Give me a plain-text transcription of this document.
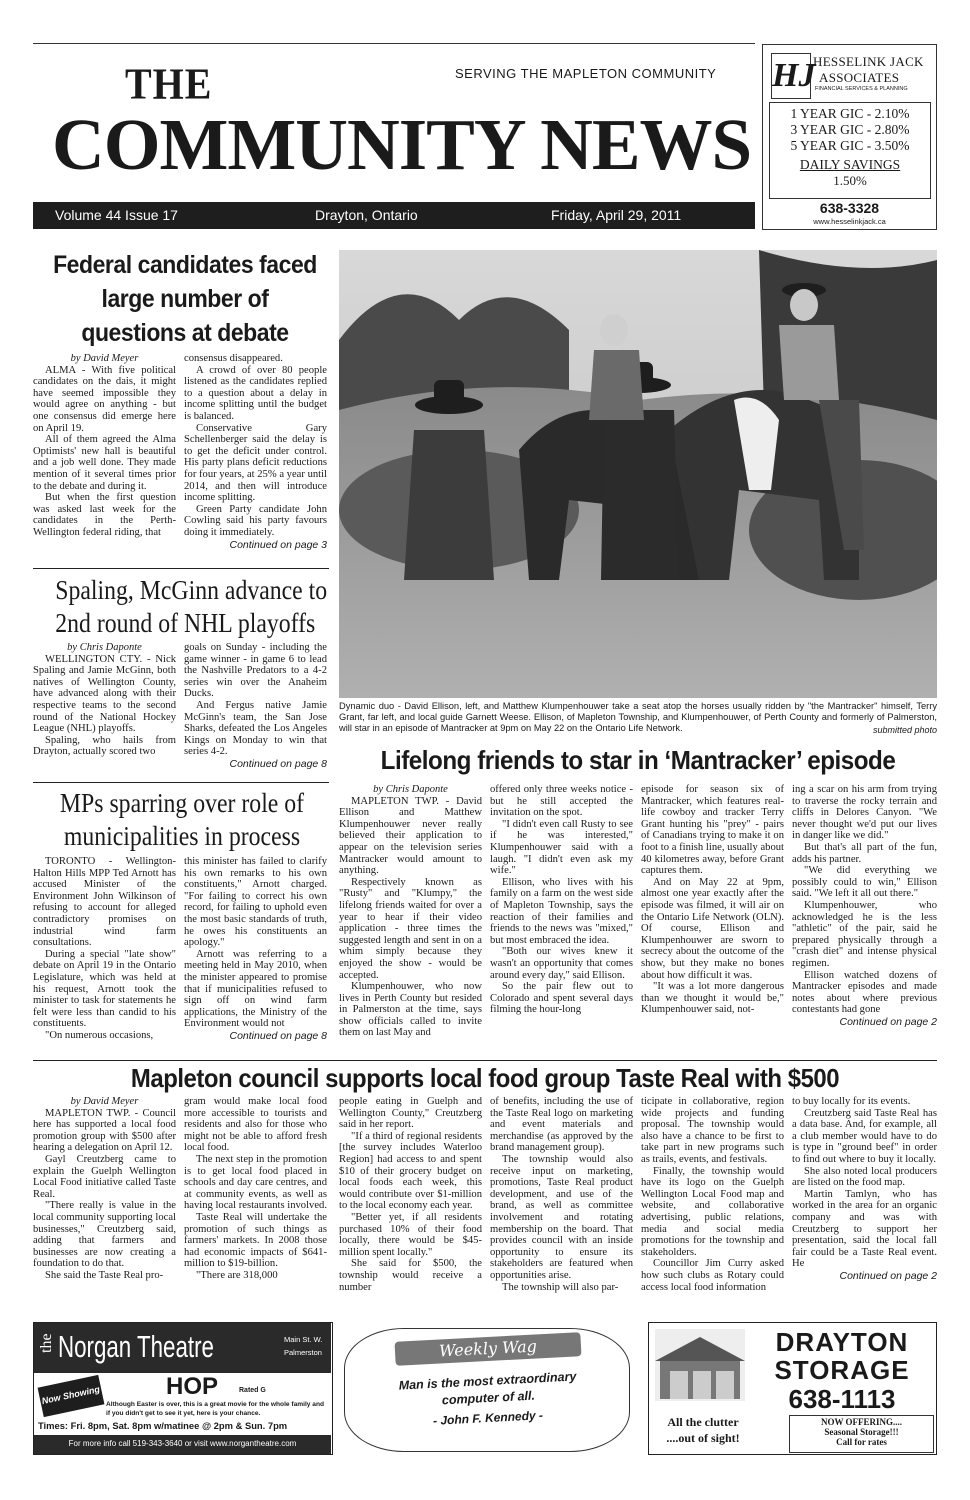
THE	SERVING THE MAPLETON COMMUNITY
COMMUNITY NEWS
Volume 44 Issue 17	Drayton, Ontario	Friday, April 29, 2011
HJ
HESSELINK JACK
ASSOCIATES
FINANCIAL SERVICES & PLANNING
1 YEAR GIC - 2.10%
3 YEAR GIC - 2.80%
5 YEAR GIC - 3.50%
DAILY SAVINGS
1.50%
638-3328
www.hesselinkjack.ca
Federal candidates faced large number of questions at debate

by David Meyer

ALMA - With five political candidates on the dais, it might have seemed impossible they would agree on anything - but one consensus did emerge here on April 19.

All of them agreed the Alma Optimists' new hall is beautiful and a job well done. They made mention of it several times prior to the debate and during it.

But when the first question was asked last week for the candidates in the Perth-Wellington federal riding, that

consensus disappeared.

A crowd of over 80 people listened as the candidates replied to a question about a delay in income splitting until the budget is balanced.

Conservative Gary Schellenberger said the delay is to get the deficit under control. His party plans deficit reductions for four years, at 25% a year until 2014, and then will introduce income splitting.

Green Party candidate John Cowling said his party favours doing it immediately.

Continued on page 3

Spaling, McGinn advance to
2nd round of NHL playoffs

by Chris Daponte

WELLINGTON CTY. - Nick Spaling and Jamie McGinn, both natives of Wellington County, have advanced along with their respective teams to the second round of the National Hockey League (NHL) playoffs.

Spaling, who hails from Drayton, actually scored two

goals on Sunday - including the game winner - in game 6 to lead the Nashville Predators to a 4-2 series win over the Anaheim Ducks.

And Fergus native Jamie McGinn's team, the San Jose Sharks, defeated the Los Angeles Kings on Monday to win that series 4-2.

Continued on page 8

MPs sparring over role of
municipalities in process

TORONTO - Wellington-Halton Hills MPP Ted Arnott has accused Minister of the Environment John Wilkinson of refusing to account for alleged contradictory promises on industrial wind farm consultations.

During a special "late show" debate on April 19 in the Ontario Legislature, which was held at his request, Arnott took the minister to task for statements he felt were less than candid to his constituents.

"On numerous occasions,

this minister has failed to clarify his own remarks to his own constituents," Arnott charged. "For failing to correct his own record, for failing to uphold even the most basic standards of truth, he owes his constituents an apology."

Arnott was referring to a meeting held in May 2010, when the minister appeared to promise that if municipalities refused to sign off on wind farm applications, the Ministry of the Environment would not

Continued on page 8

Dynamic duo - David Ellison, left, and Matthew Klumpenhouwer take a seat atop the horses usually ridden by "the Mantracker" himself, Terry Grant, far left, and local guide Garnett Weese. Ellison, of Mapleton Township, and Klumpenhouwer, of Perth County and formerly of Palmerston, will star in an episode of Mantracker at 9pm on May 22 on the Ontario Life Network.	submitted photo
Lifelong friends to star in ‘Mantracker’ episode

by Chris Daponte

MAPLETON TWP. - David Ellison and Matthew Klumpenhouwer never really believed their application to appear on the television series Mantracker would amount to anything.

Respectively known as "Rusty" and "Klumpy," the lifelong friends waited for over a year to hear if their video application - three times the suggested length and sent in on a whim simply because they enjoyed the show - would be accepted.

Klumpenhouwer, who now lives in Perth County but resided in Palmerston at the time, says show officials called to invite them on last May and

offered only three weeks notice - but he still accepted the invitation on the spot.

"I didn't even call Rusty to see if he was interested," Klumpenhouwer said with a laugh. "I didn't even ask my wife."

Ellison, who lives with his family on a farm on the west side of Mapleton Township, says the reaction of their families and friends to the news was "mixed," but most embraced the idea.

"Both our wives knew it wasn't an opportunity that comes around every day," said Ellison.

So the pair flew out to Colorado and spent several days filming the hour-long

episode for season six of Mantracker, which features real-life cowboy and tracker Terry Grant hunting his "prey" - pairs of Canadians trying to make it on foot to a finish line, usually about 40 kilometres away, before Grant captures them.

And on May 22 at 9pm, almost one year exactly after the episode was filmed, it will air on the Ontario Life Network (OLN). Of course, Ellison and Klumpenhouwer are sworn to secrecy about the outcome of the show, but they make no bones about how difficult it was.

"It was a lot more dangerous than we thought it would be," Klumpenhouwer said, not-

ing a scar on his arm from trying to traverse the rocky terrain and cliffs in Delores Canyon. "We never thought we'd put our lives in danger like we did."

But that's all part of the fun, adds his partner.

"We did everything we possibly could to win," Ellison said. "We left it all out there."

Klumpenhouwer, who acknowledged he is the less "athletic" of the pair, said he prepared physically through a "crash diet" and intense physical regimen.

Ellison watched dozens of Mantracker episodes and made notes about where previous contestants had gone

Continued on page 2

Mapleton council supports local food group Taste Real with $500

by David Meyer

MAPLETON TWP. - Council here has supported a local food promotion group with $500 after hearing a delegation on April 12.

Gayl Creutzberg came to explain the Guelph Wellington Local Food initiative called Taste Real.

"There really is value in the local community supporting local businesses," Creutzberg said, adding that farmers and businesses are now creating a foundation to do that.

She said the Taste Real pro-

gram would make local food more accessible to tourists and residents and also for those who might not be able to afford fresh local food.

The next step in the promotion is to get local food placed in schools and day care centres, and at community events, as well as having local restaurants involved.

Taste Real will undertake the promotion of such things as farmers' markets. In 2008 those had economic impacts of $641-million to $19-billion.

"There are 318,000

people eating in Guelph and Wellington County," Creutzberg said in her report.

"If a third of regional residents [the survey includes Waterloo Region] had access to and spent $10 of their grocery budget on local foods each week, this would contribute over $1-million to the local economy each year.

"Better yet, if all residents purchased 10% of their food locally, there would be $45-million spent locally."

She said for $500, the township would receive a number

of benefits, including the use of the Taste Real logo on marketing and event materials and merchandise (as approved by the brand management group).

The township would also receive input on marketing, promotions, Taste Real product development, and use of the brand, as well as committee involvement and rotating membership on the board. That provides council with an inside opportunity to ensure its stakeholders are featured when opportunities arise.

The township will also par-

ticipate in collaborative, region wide projects and funding proposal. The township would also have a chance to be first to take part in new programs such as trails, events, and festivals.

Finally, the township would have its logo on the Guelph Wellington Local Food map and website, and collaborative advertising, public relations, media and social media promotions for the township and stakeholders.

Councillor Jim Curry asked how such clubs as Rotary could access local food information

to buy locally for its events.

Creutzberg said Taste Real has a data base. And, for example, all a club member would have to do is type in "ground beef" in order to find out where to buy it locally.

She also noted local producers are listed on the food map.

Martin Tamlyn, who has worked in the area for an organic company and was with Creutzberg to support her presentation, said the local fall fair could be a Taste Real event. He

Continued on page 2

the Norgan Theatre	Main St. W.
Palmerston
Now Showing	HOP	Rated G
Although Easter is over, this is a great movie for the whole family and if you didn't get to see it yet, here is your chance.
Times: Fri. 8pm, Sat. 8pm w/matinee @ 2pm & Sun. 7pm
For more info call 519-343-3640 or visit www.norgantheatre.com
Weekly Wag
Man is the most extraordinary computer of all.
- John F. Kennedy -
DRAYTON
STORAGE
638-1113
All the clutter
....out of sight!
NOW OFFERING....
Seasonal Storage!!!
Call for rates
